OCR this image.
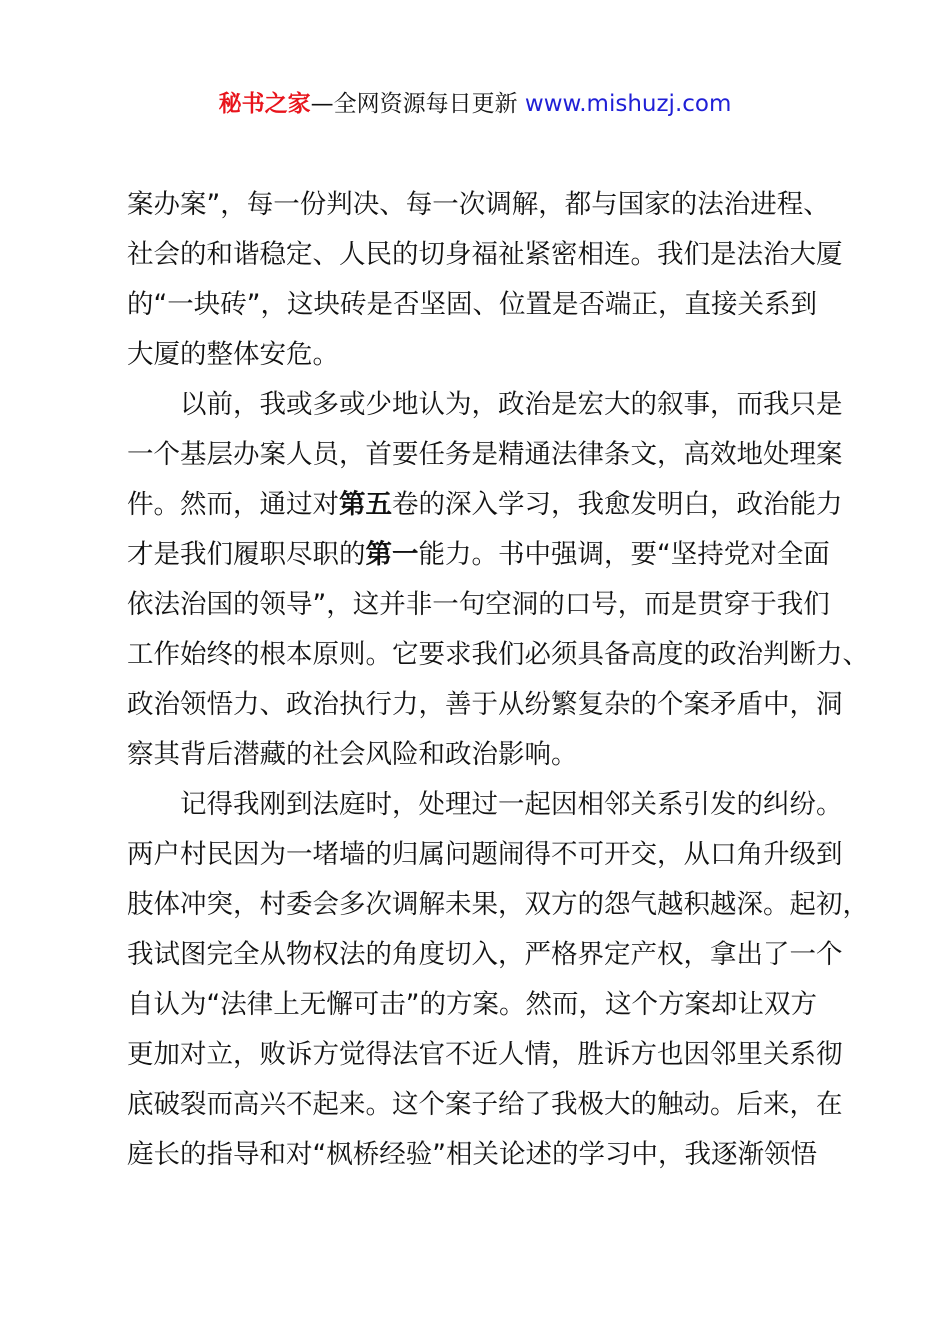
秘书之家—全网资源每日更新 www.mishuzj.com
案办案”，每一份判决、每一次调解，都与国家的法治进程、
社会的和谐稳定、人民的切身福祉紧密相连。我们是法治大厦
的“一块砖”，这块砖是否坚固、位置是否端正，直接关系到
大厦的整体安危。
以前，我或多或少地认为，政治是宏大的叙事，而我只是
一个基层办案人员，首要任务是精通法律条文，高效地处理案
件。然而，通过对第五卷的深入学习，我愈发明白，政治能力
才是我们履职尽职的第一能力。书中强调，要“坚持党对全面
依法治国的领导”，这并非一句空洞的口号，而是贯穿于我们
工作始终的根本原则。它要求我们必须具备高度的政治判断力、
政治领悟力、政治执行力，善于从纷繁复杂的个案矛盾中，洞
察其背后潜藏的社会风险和政治影响。
记得我刚到法庭时，处理过一起因相邻关系引发的纠纷。
两户村民因为一堵墙的归属问题闹得不可开交，从口角升级到
肢体冲突，村委会多次调解未果，双方的怨气越积越深。起初，
我试图完全从物权法的角度切入，严格界定产权，拿出了一个
自认为“法律上无懈可击”的方案。然而，这个方案却让双方
更加对立，败诉方觉得法官不近人情，胜诉方也因邻里关系彻
底破裂而高兴不起来。这个案子给了我极大的触动。后来，在
庭长的指导和对“枫桥经验”相关论述的学习中，我逐渐领悟
